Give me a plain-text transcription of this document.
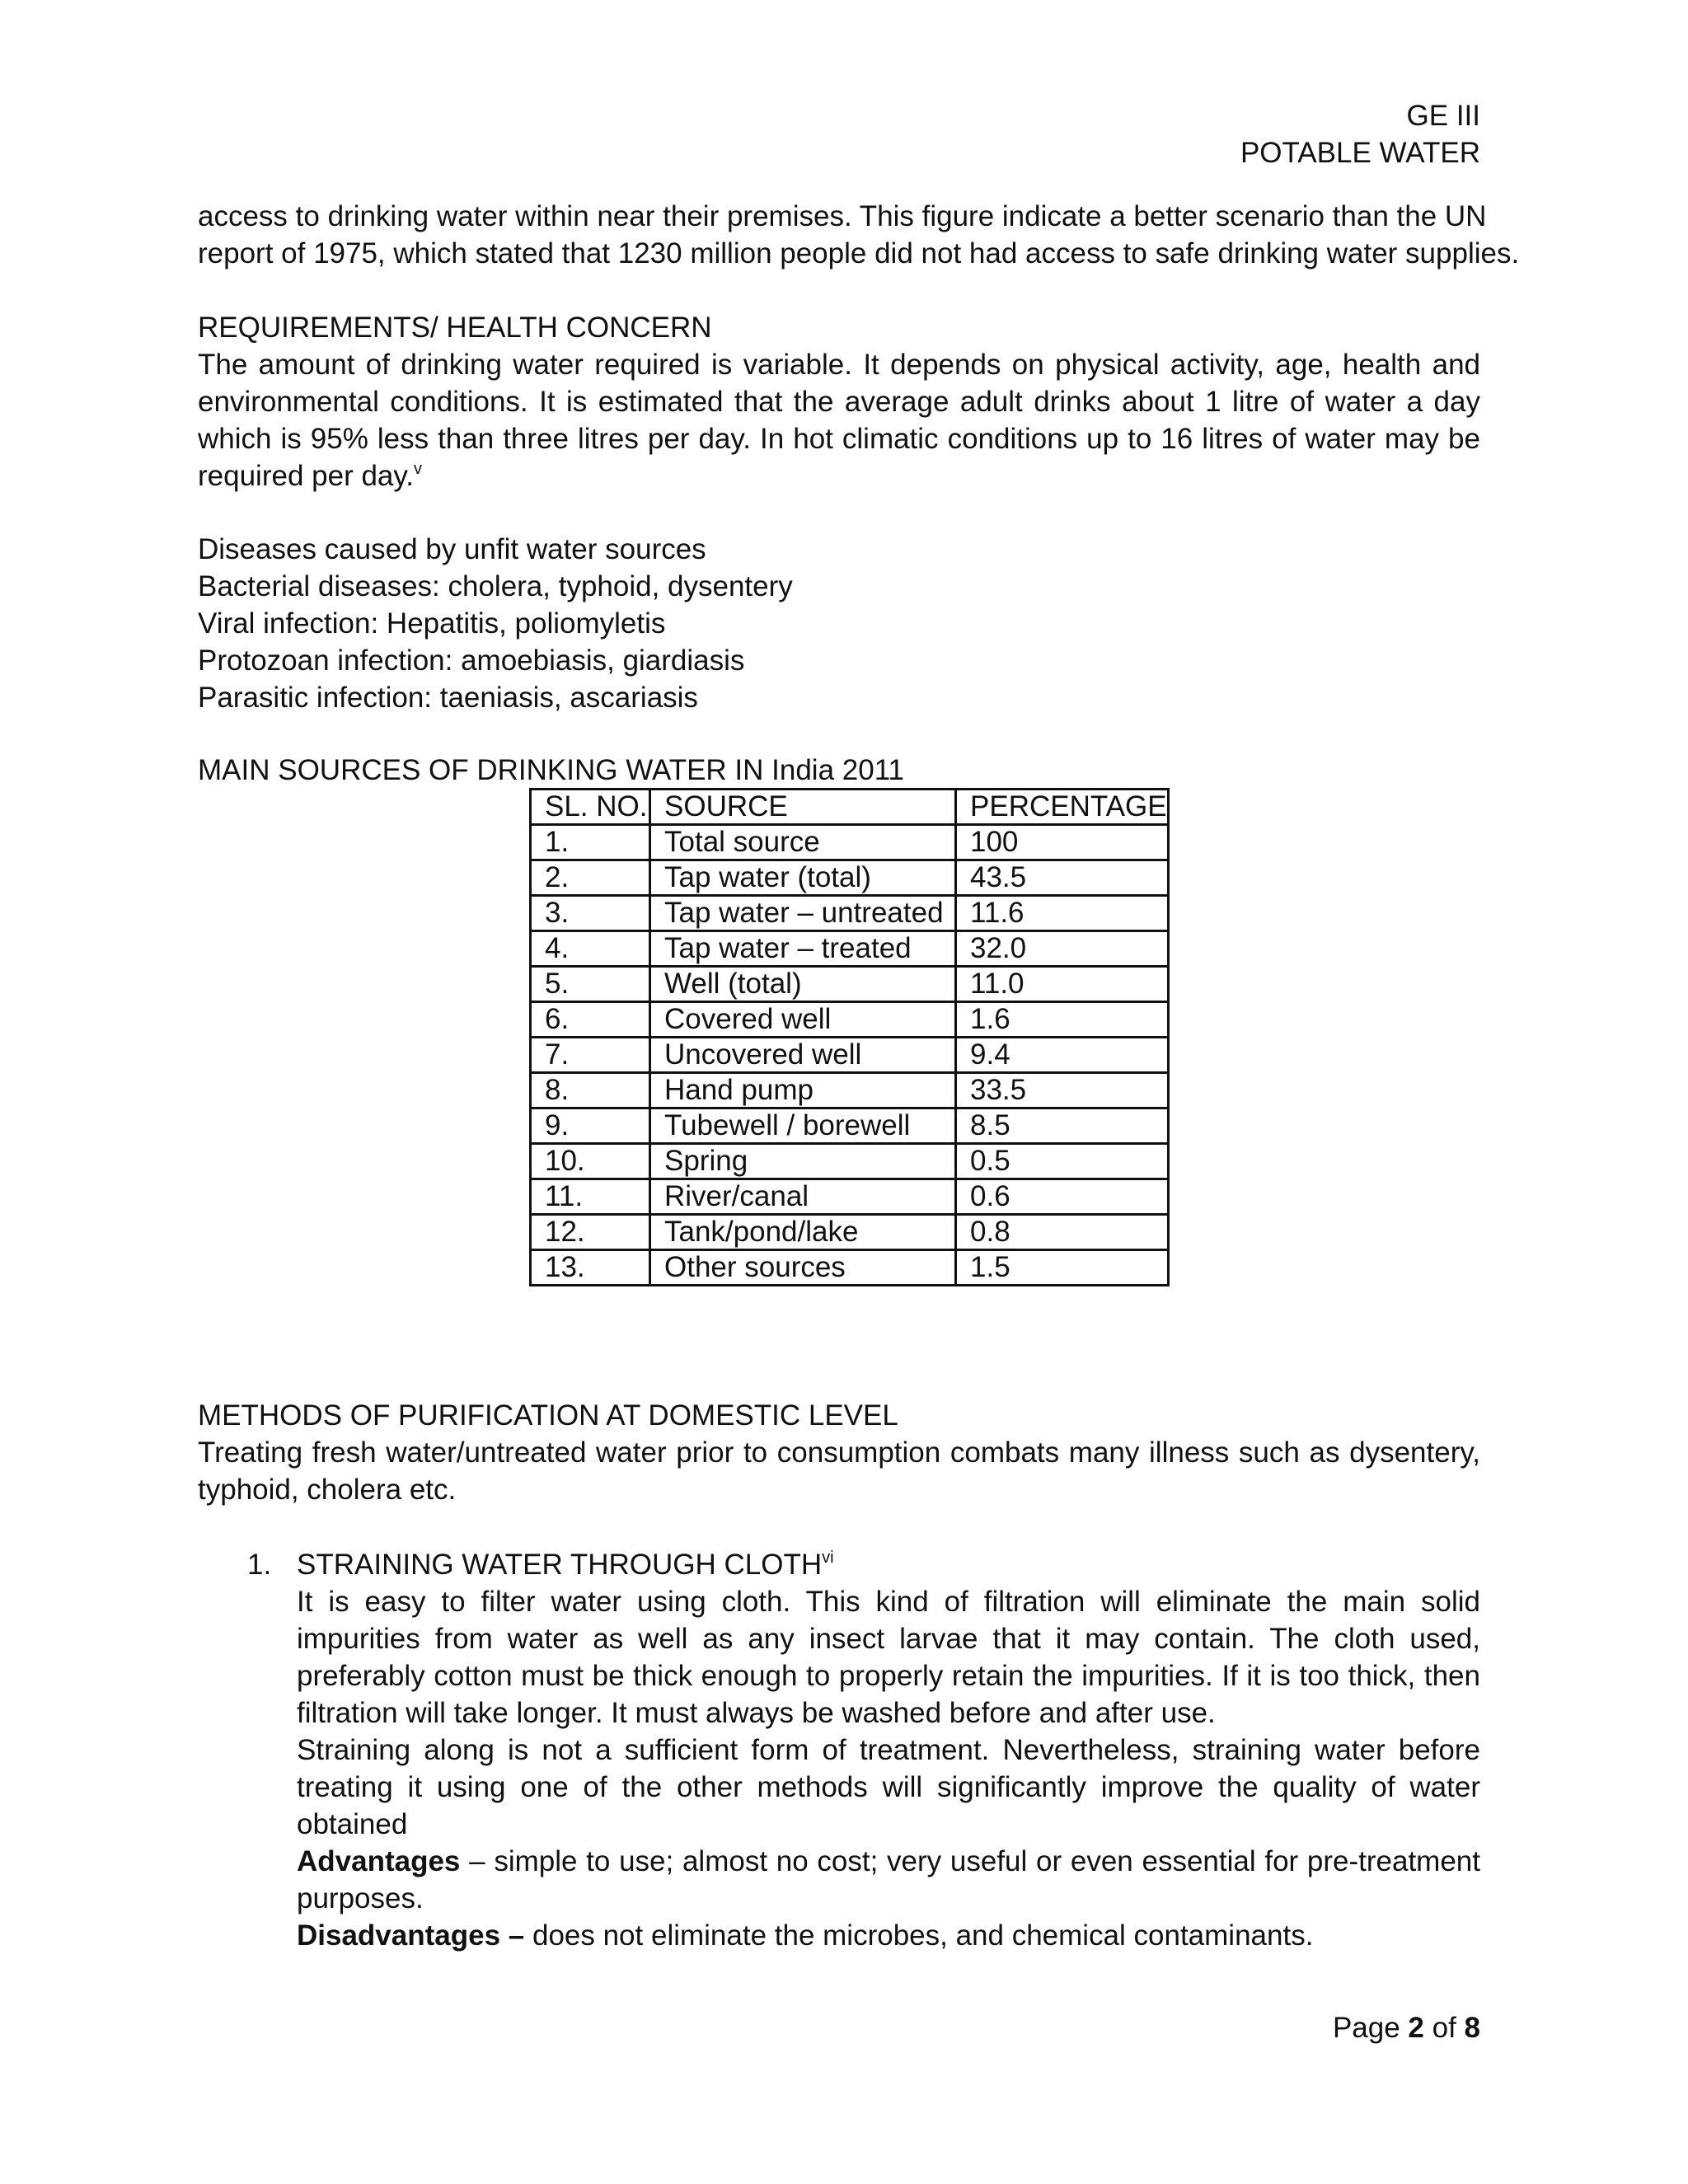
GE III
POTABLE WATER
access to drinking water within near their premises. This figure indicate a better scenario than the UN
report of 1975, which stated that 1230 million people did not had access to safe drinking water supplies.
REQUIREMENTS/ HEALTH CONCERN
The amount of drinking water required is variable. It depends on physical activity, age, health and environmental conditions. It is estimated that the average adult drinks about 1 litre of water a day which is 95% less than three litres per day. In hot climatic conditions up to 16 litres of water may be required per day.$^v$
Diseases caused by unfit water sources
Bacterial diseases: cholera, typhoid, dysentery
Viral infection: Hepatitis, poliomyletis
Protozoan infection: amoebiasis, giardiasis
Parasitic infection: taeniasis, ascariasis
MAIN SOURCES OF DRINKING WATER IN India 2011
SL. NO.	SOURCE	PERCENTAGE
1.	Total source	100
2.	Tap water (total)	43.5
3.	Tap water – untreated	11.6
4.	Tap water – treated	32.0
5.	Well (total)	11.0
6.	Covered well	1.6
7.	Uncovered well	9.4
8.	Hand pump	33.5
9.	Tubewell / borewell	8.5
10.	Spring	0.5
11.	River/canal	0.6
12.	Tank/pond/lake	0.8
13.	Other sources	1.5
METHODS OF PURIFICATION AT DOMESTIC LEVEL
Treating fresh water/untreated water prior to consumption combats many illness such as dysentery, typhoid, cholera etc.
1. STRAINING WATER THROUGH CLOTH$^{vi}$
It is easy to filter water using cloth. This kind of filtration will eliminate the main solid impurities from water as well as any insect larvae that it may contain. The cloth used, preferably cotton must be thick enough to properly retain the impurities. If it is too thick, then filtration will take longer. It must always be washed before and after use.
Straining along is not a sufficient form of treatment. Nevertheless, straining water before treating it using one of the other methods will significantly improve the quality of water obtained
Advantages – simple to use; almost no cost; very useful or even essential for pre-treatment purposes.
Disadvantages – does not eliminate the microbes, and chemical contaminants.
Page 2 of 8
